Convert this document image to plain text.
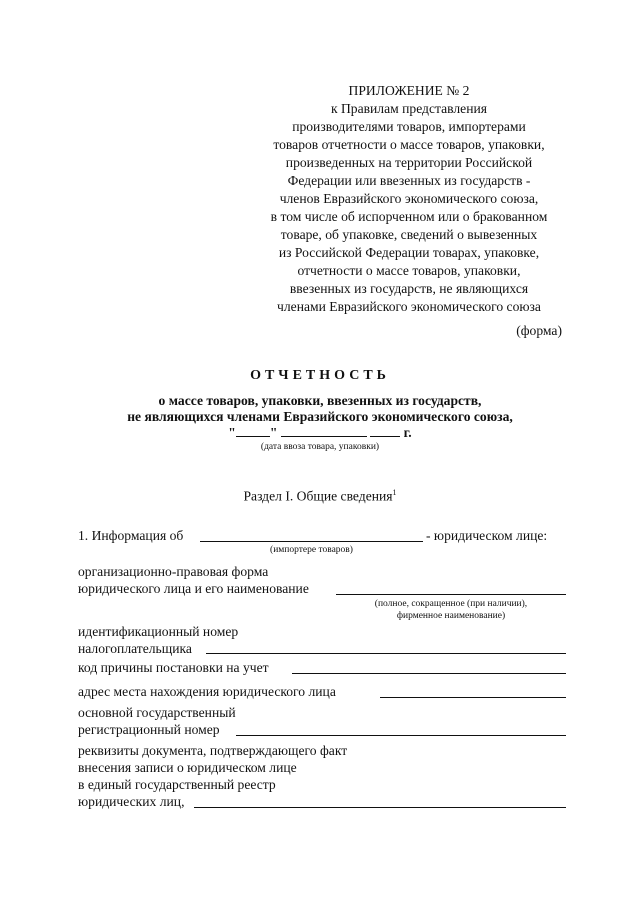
ПРИЛОЖЕНИЕ № 2
к Правилам представления
производителями товаров, импортерами
товаров отчетности о массе товаров, упаковки,
произведенных на территории Российской
Федерации или ввезенных из государств -
членов Евразийского экономического союза,
в том числе об испорченном или о бракованном
товаре, об упаковке, сведений о вывезенных
из Российской Федерации товарах, упаковке,
отчетности о массе товаров, упаковки,
ввезенных из государств, не являющихся
членами Евразийского экономического союза
(форма)
ОТЧЕТНОСТЬ
о массе товаров, упаковки, ввезенных из государств,
не являющихся членами Евразийского экономического союза,
"	"	г.
(дата ввоза товара, упаковки)
Раздел I. Общие сведения$^1$
1. Информация об	- юридическом лице:
(импортере товаров)
организационно-правовая форма
юридического лица и его наименование
(полное, сокращенное (при наличии),
фирменное наименование)
идентификационный номер
налогоплательщика
код причины постановки на учет
адрес места нахождения юридического лица
основной государственный
регистрационный номер
реквизиты документа, подтверждающего факт
внесения записи о юридическом лице
в единый государственный реестр
юридических лиц,
